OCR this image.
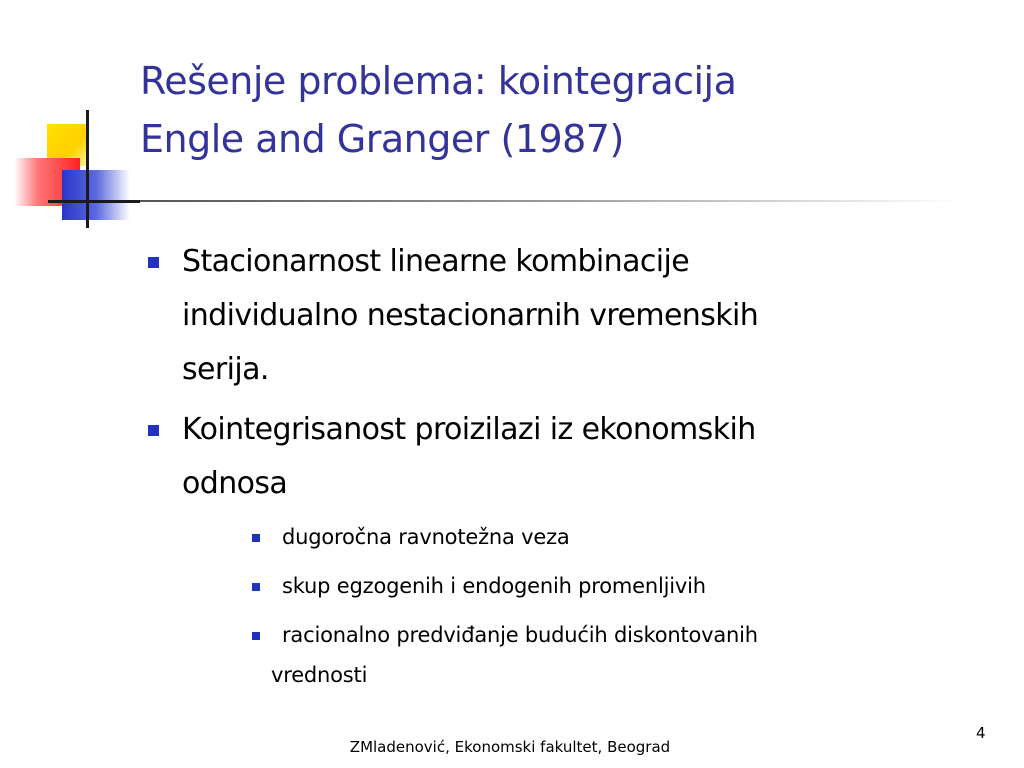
Rešenje problema: kointegracija
Engle and Granger (1987)
Stacionarnost linearne kombinacije
individualno nestacionarnih vremenskih
serija.
Kointegrisanost proizilazi iz ekonomskih
odnosa
dugoročna ravnotežna veza
skup egzogenih i endogenih promenljivih
racionalno predviđanje budućih diskontovanih
vrednosti
4
ZMladenović, Ekonomski fakultet, Beograd
